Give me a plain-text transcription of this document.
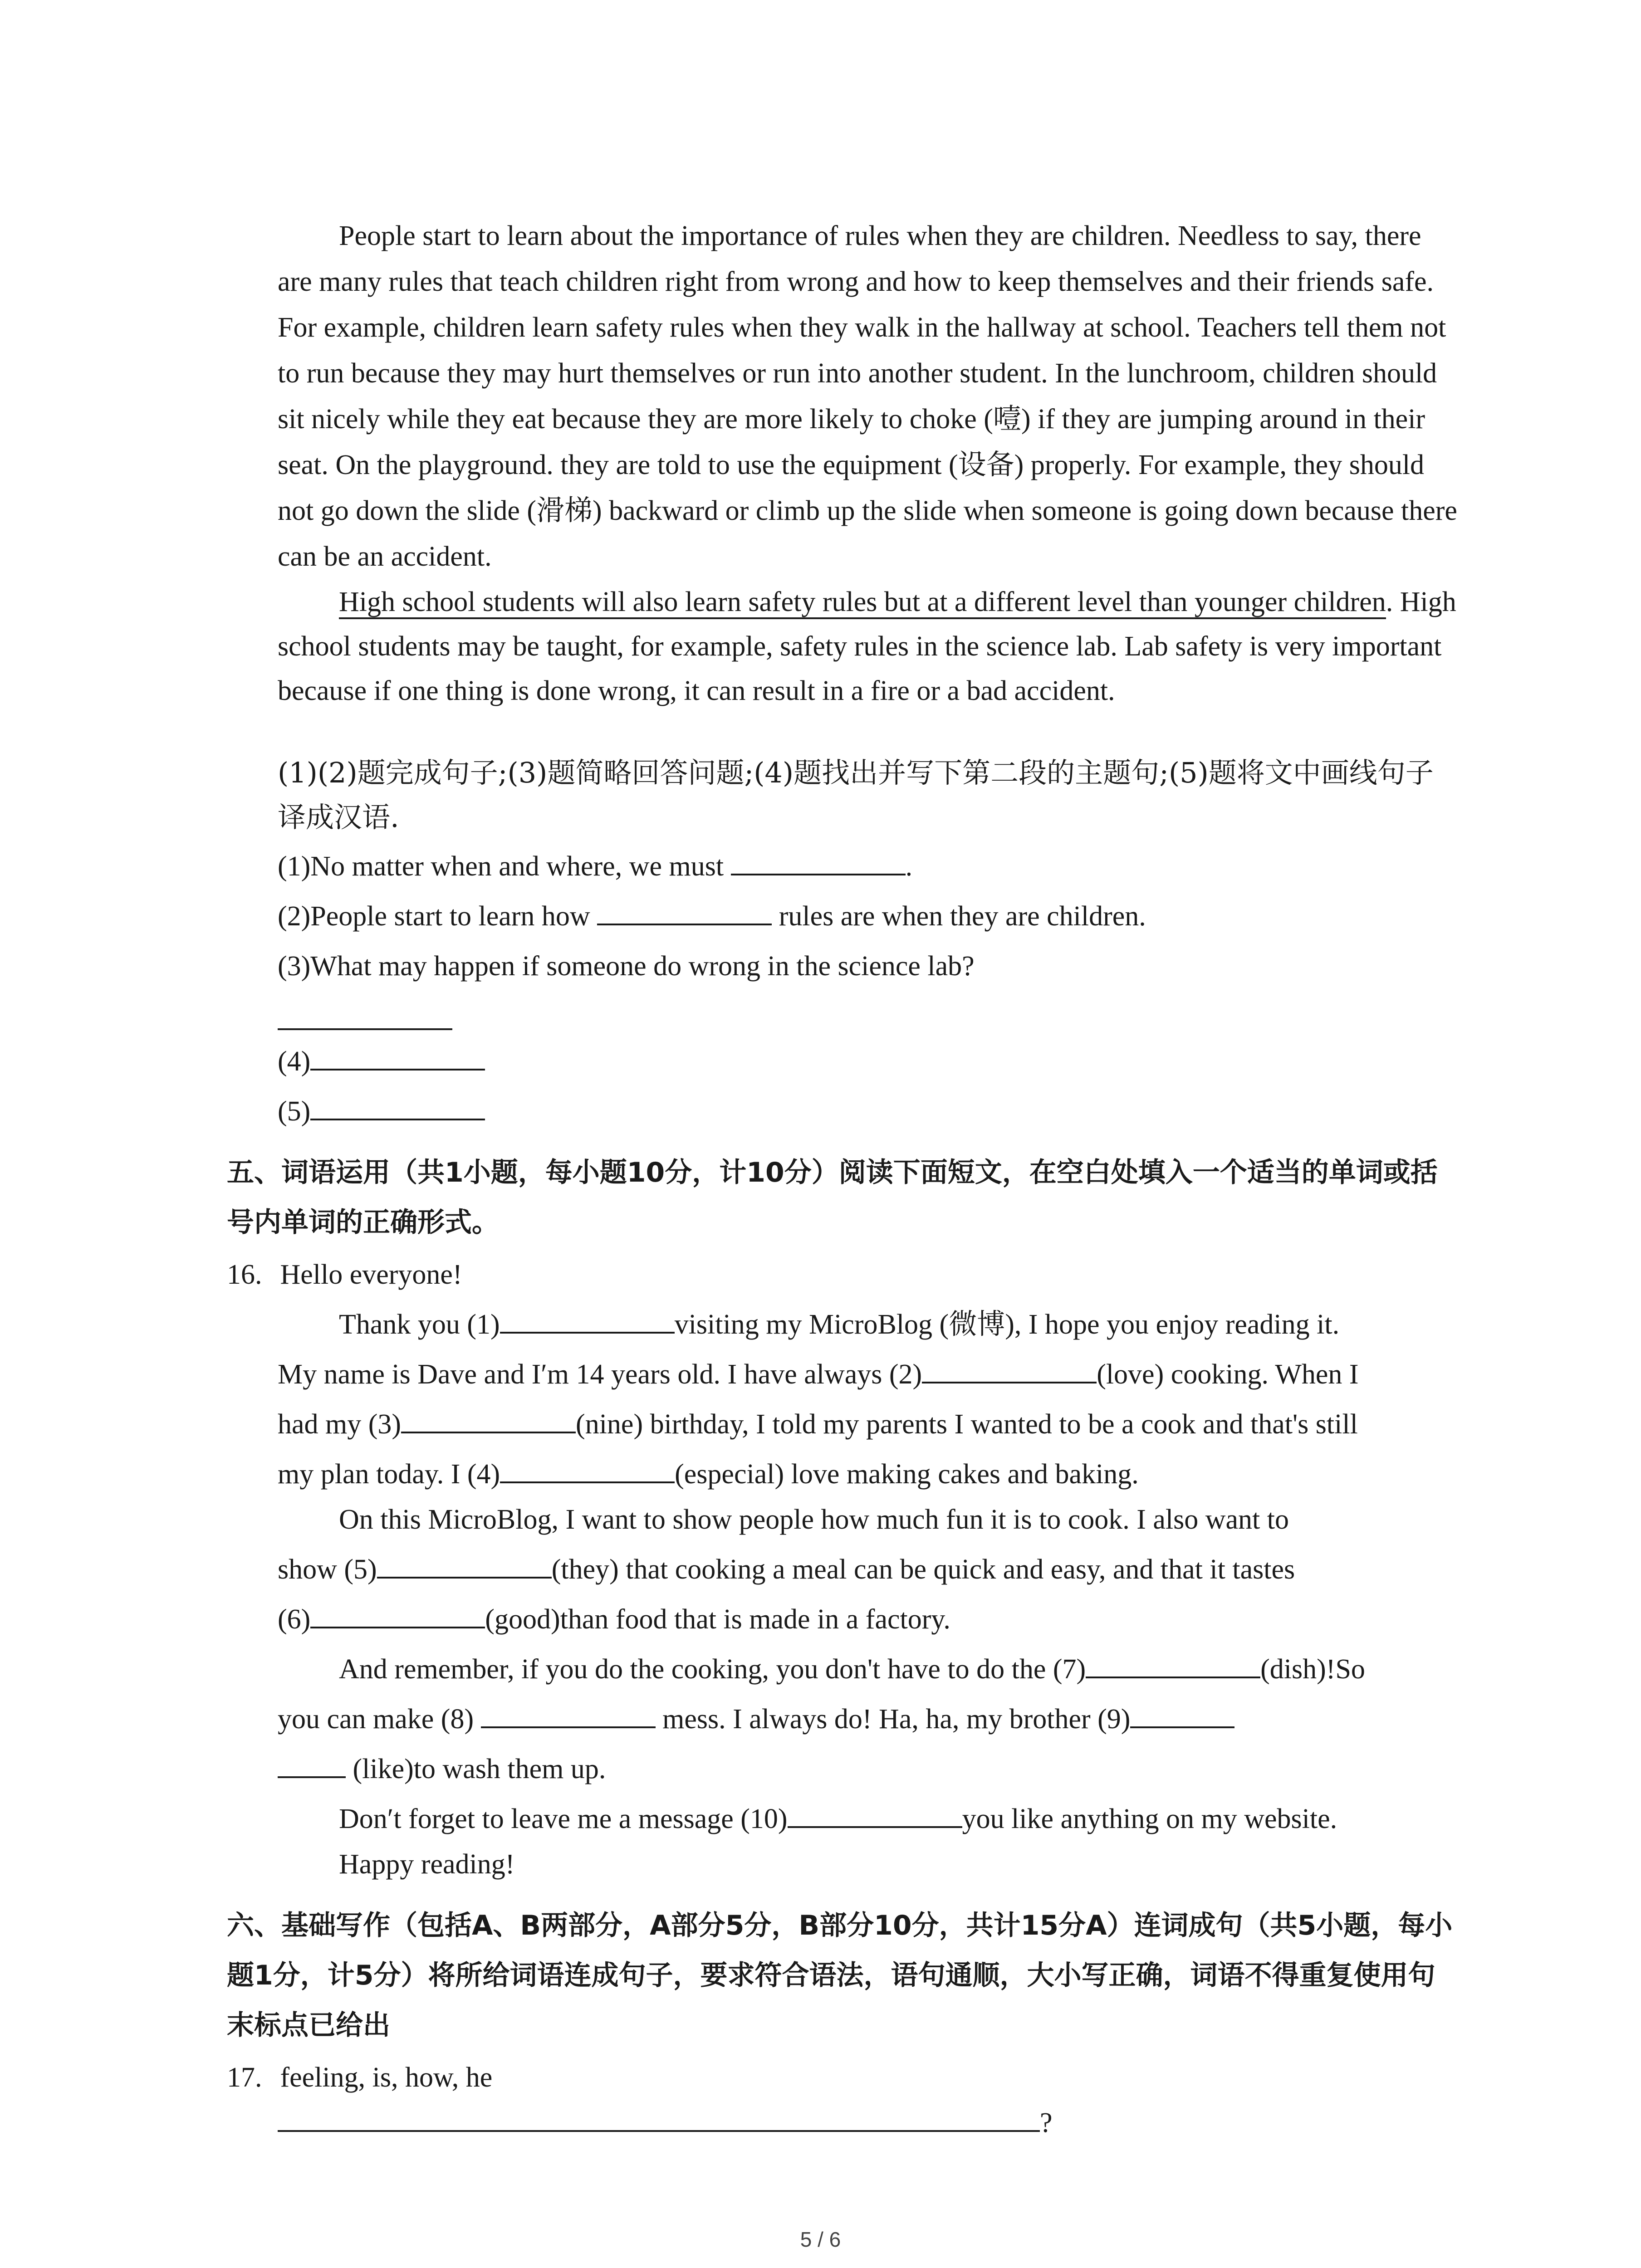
People start to learn about the importance of rules when they are children. Needless to say, there are many rules that teach children right from wrong and how to keep themselves and their friends safe. For example, children learn safety rules when they walk in the hallway at school. Teachers tell them not to run because they may hurt themselves or run into another student. In the lunchroom, children should sit nicely while they eat because they are more likely to choke (噎) if they are jumping around in their seat. On the playground. they are told to use the equipment (设备) properly. For example, they should not go down the slide (滑梯) backward or climb up the slide when someone is going down because there can be an accident.

High school students will also learn safety rules but at a different level than younger children. High school students may be taught, for example, safety rules in the science lab. Lab safety is very important because if one thing is done wrong, it can result in a fire or a bad accident.

(1)(2)题完成句子;(3)题简略回答问题;(4)题找出并写下第二段的主题句;(5)题将文中画线句子译成汉语.

(1)No matter when and where, we must	.

(2)People start to learn how	rules are when they are children.

(3)What may happen if someone do wrong in the science lab?

(4)

(5)

五、词语运用（共1小题，每小题10分，计10分）阅读下面短文，在空白处填入一个适当的单词或括号内单词的正确形式。

16. Hello everyone!

Thank you (1)	visiting my MicroBlog (微博), I hope you enjoy reading it.

My name is Dave and I′m 14 years old. I have always (2)	(love) cooking. When I

had my (3)	(nine) birthday, I told my parents I wanted to be a cook and that's still

my plan today. I (4)	(especial) love making cakes and baking.

On this MicroBlog, I want to show people how much fun it is to cook. I also want to

show (5)	(they) that cooking a meal can be quick and easy, and that it tastes

(6)	(good)than food that is made in a factory.

And remember, if you do the cooking, you don't have to do the (7)	(dish)!So

you can make (8)	mess. I always do! Ha, ha, my brother (9)

(like)to wash them up.

Don′t forget to leave me a message (10)	you like anything on my website.

Happy reading!

六、基础写作（包括A、B两部分，A部分5分，B部分10分，共计15分A）连词成句（共5小题，每小题1分，计5分）将所给词语连成句子，要求符合语法，语句通顺，大小写正确，词语不得重复使用句末标点已给出

17. feeling, is, how, he

?

5 / 6
